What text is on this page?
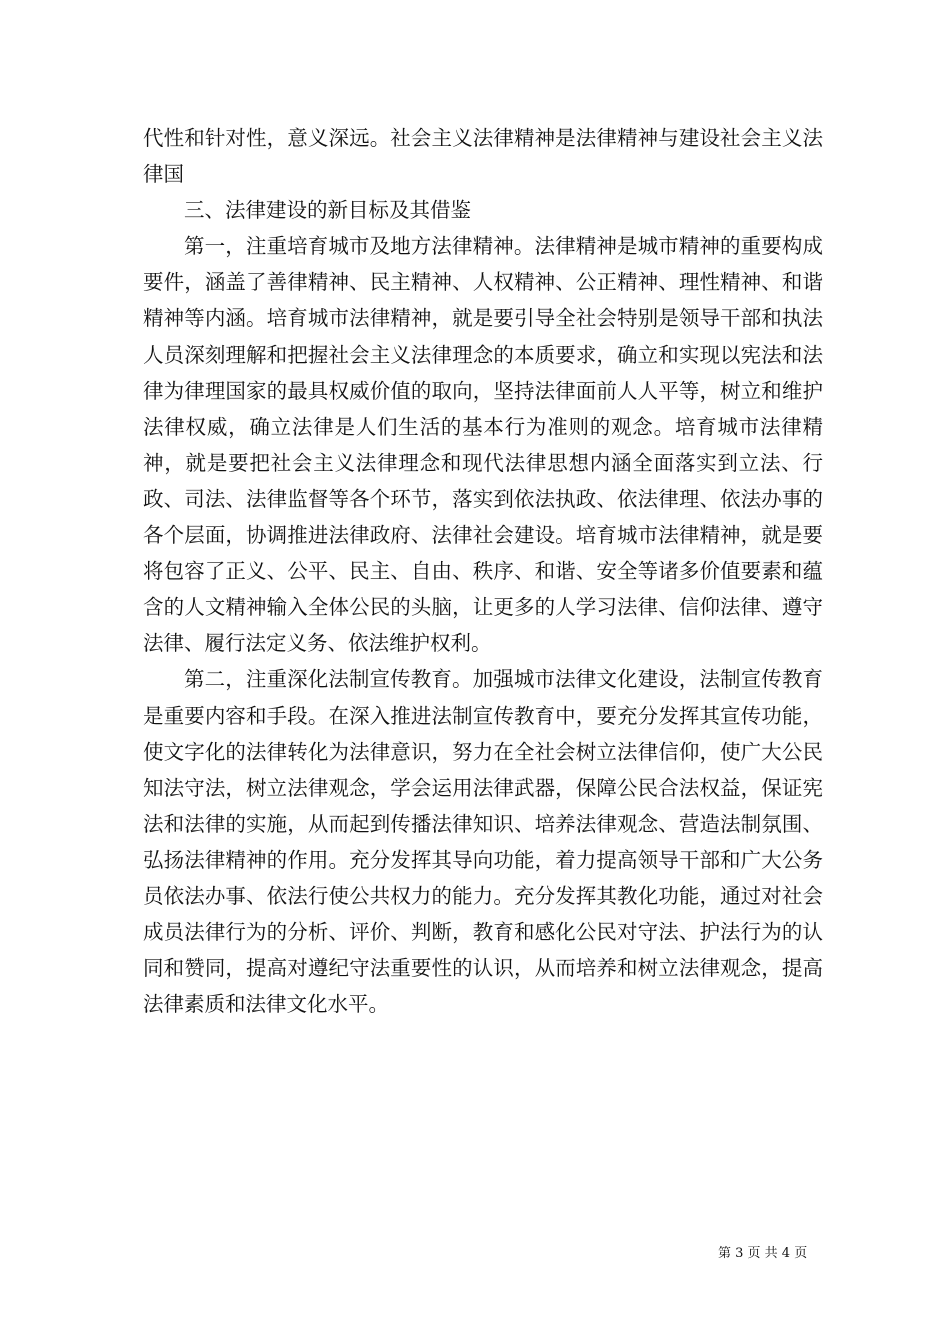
代性和针对性，意义深远。社会主义法律精神是法律精神与建设社会主义法律国

三、法律建设的新目标及其借鉴

第一，注重培育城市及地方法律精神。法律精神是城市精神的重要构成要件，涵盖了善律精神、民主精神、人权精神、公正精神、理性精神、和谐精神等内涵。培育城市法律精神，就是要引导全社会特别是领导干部和执法人员深刻理解和把握社会主义法律理念的本质要求，确立和实现以宪法和法律为律理国家的最具权威价值的取向，坚持法律面前人人平等，树立和维护法律权威，确立法律是人们生活的基本行为准则的观念。培育城市法律精神，就是要把社会主义法律理念和现代法律思想内涵全面落实到立法、行政、司法、法律监督等各个环节，落实到依法执政、依法律理、依法办事的各个层面，协调推进法律政府、法律社会建设。培育城市法律精神，就是要将包容了正义、公平、民主、自由、秩序、和谐、安全等诸多价值要素和蕴含的人文精神输入全体公民的头脑，让更多的人学习法律、信仰法律、遵守法律、履行法定义务、依法维护权利。

第二，注重深化法制宣传教育。加强城市法律文化建设，法制宣传教育是重要内容和手段。在深入推进法制宣传教育中，要充分发挥其宣传功能，使文字化的法律转化为法律意识，努力在全社会树立法律信仰，使广大公民知法守法，树立法律观念，学会运用法律武器，保障公民合法权益，保证宪法和法律的实施，从而起到传播法律知识、培养法律观念、营造法制氛围、弘扬法律精神的作用。充分发挥其导向功能，着力提高领导干部和广大公务员依法办事、依法行使公共权力的能力。充分发挥其教化功能，通过对社会成员法律行为的分析、评价、判断，教育和感化公民对守法、护法行为的认同和赞同，提高对遵纪守法重要性的认识，从而培养和树立法律观念，提高法律素质和法律文化水平。

第 3 页 共 4 页
